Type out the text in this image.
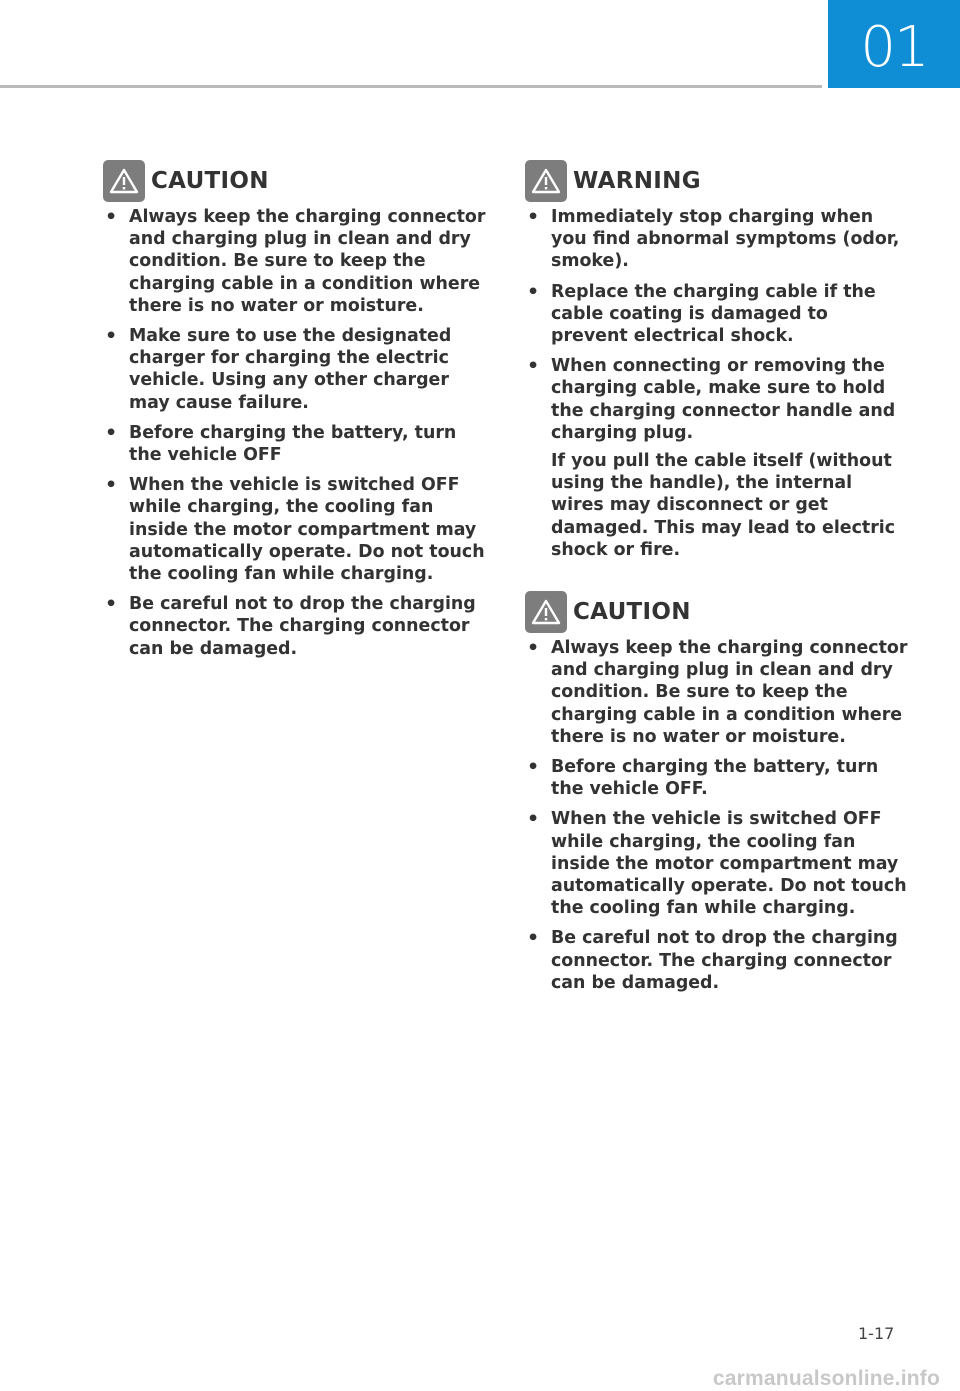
01
CAUTION
• Always keep the charging connector and charging plug in clean and dry condition. Be sure to keep the charging cable in a condition where there is no water or moisture.
• Make sure to use the designated charger for charging the electric vehicle. Using any other charger may cause failure.
• Before charging the battery, turn the vehicle OFF
• When the vehicle is switched OFF while charging, the cooling fan inside the motor compartment may automatically operate. Do not touch the cooling fan while charging.
• Be careful not to drop the charging connector. The charging connector can be damaged.
WARNING
• Immediately stop charging when you find abnormal symptoms (odor, smoke).
• Replace the charging cable if the cable coating is damaged to prevent electrical shock.
• When connecting or removing the charging cable, make sure to hold the charging connector handle and charging plug.
If you pull the cable itself (without using the handle), the internal wires may disconnect or get damaged. This may lead to electric shock or fire.
CAUTION
• Always keep the charging connector and charging plug in clean and dry condition. Be sure to keep the charging cable in a condition where there is no water or moisture.
• Before charging the battery, turn the vehicle OFF.
• When the vehicle is switched OFF while charging, the cooling fan inside the motor compartment may automatically operate. Do not touch the cooling fan while charging.
• Be careful not to drop the charging connector. The charging connector can be damaged.
1-17
carmanualsonline.info
